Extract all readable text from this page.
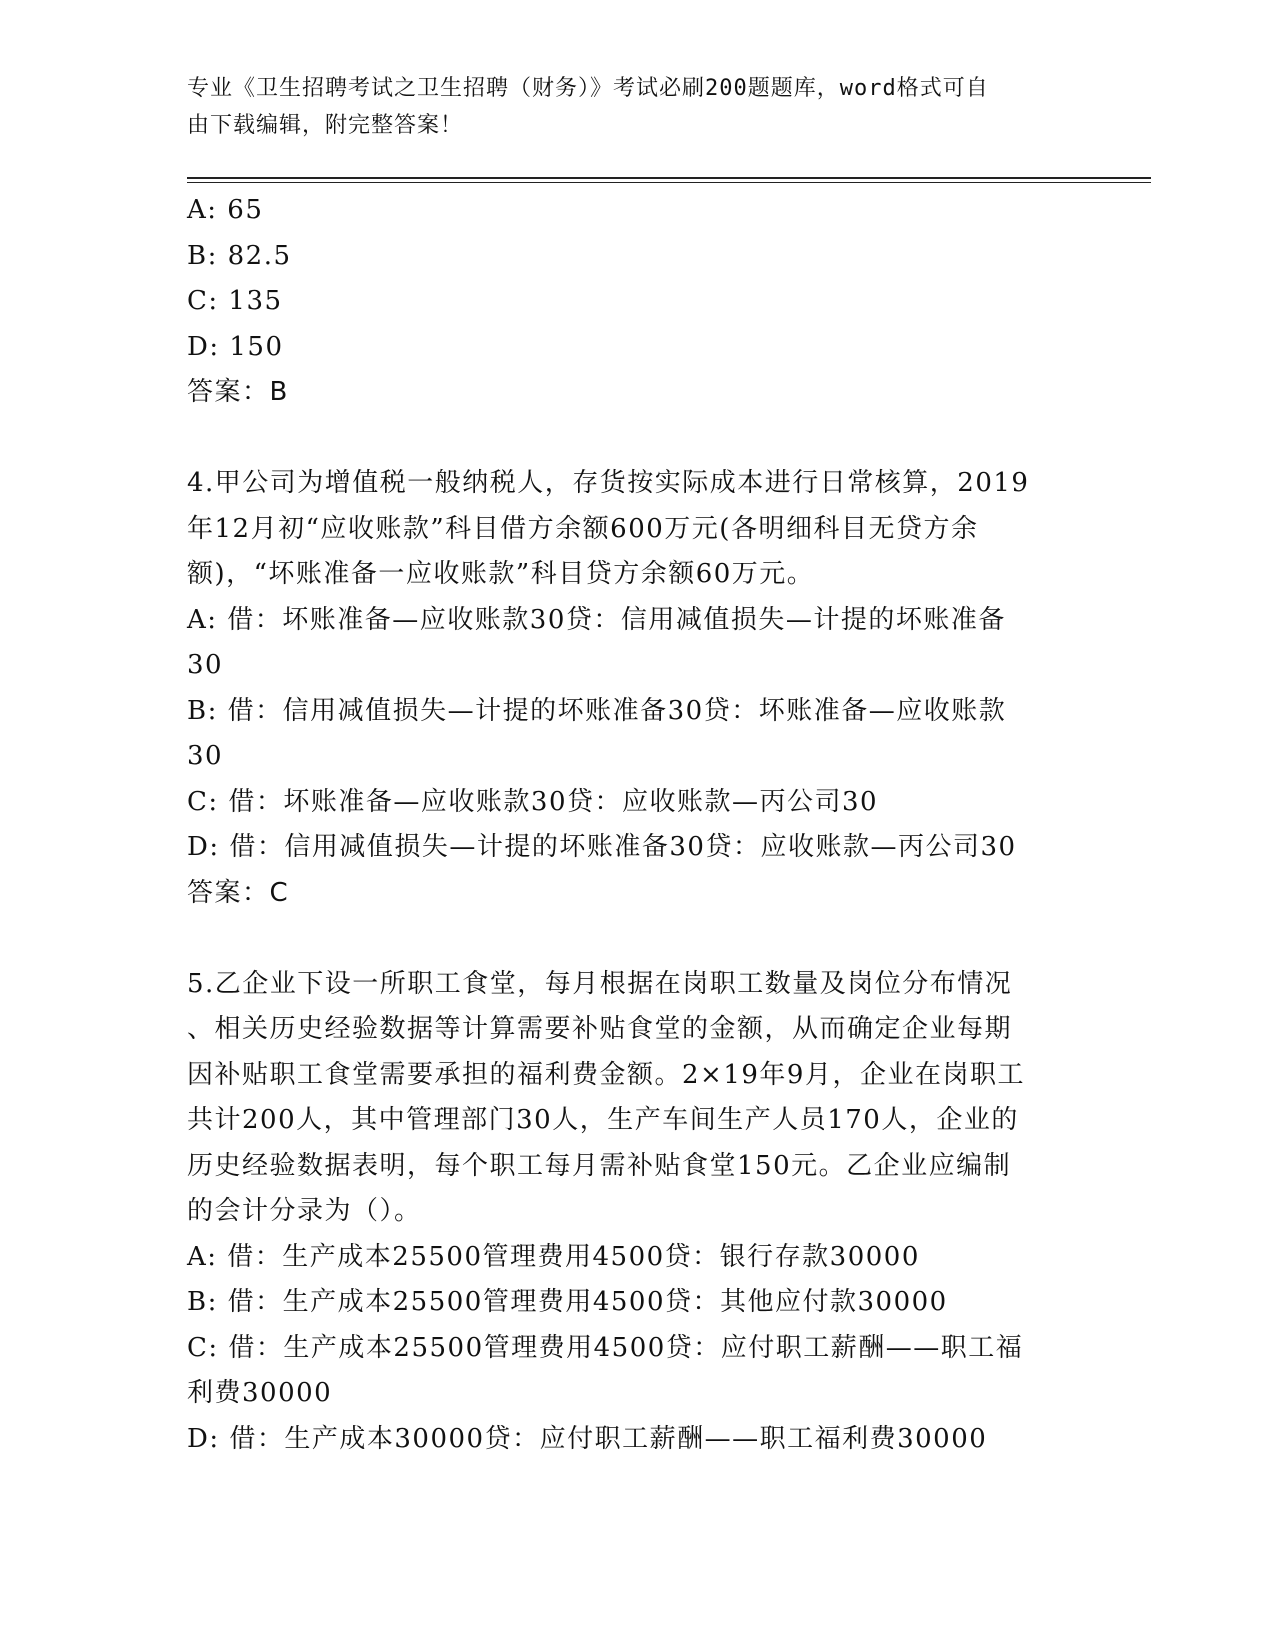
专业《卫生招聘考试之卫生招聘（财务）》考试必刷200题题库，word格式可自
由下载编辑，附完整答案！
A: 65
B: 82.5
C: 135
D: 150
答案：B
4.甲公司为增值税一般纳税人，存货按实际成本进行日常核算，2019
年12月初“应收账款”科目借方余额600万元(各明细科目无贷方余
额)，“坏账准备一应收账款”科目贷方余额60万元。
A: 借：坏账准备—应收账款30贷：信用减值损失—计提的坏账准备
30
B: 借：信用减值损失—计提的坏账准备30贷：坏账准备—应收账款
30
C: 借：坏账准备—应收账款30贷：应收账款—丙公司30
D: 借：信用减值损失—计提的坏账准备30贷：应收账款—丙公司30
答案：C
5.乙企业下设一所职工食堂，每月根据在岗职工数量及岗位分布情况
、相关历史经验数据等计算需要补贴食堂的金额，从而确定企业每期
因补贴职工食堂需要承担的福利费金额。2×19年9月，企业在岗职工
共计200人，其中管理部门30人，生产车间生产人员170人，企业的
历史经验数据表明，每个职工每月需补贴食堂150元。乙企业应编制
的会计分录为（）。
A: 借：生产成本25500管理费用4500贷：银行存款30000
B: 借：生产成本25500管理费用4500贷：其他应付款30000
C: 借：生产成本25500管理费用4500贷：应付职工薪酬——职工福
利费30000
D: 借：生产成本30000贷：应付职工薪酬——职工福利费30000
